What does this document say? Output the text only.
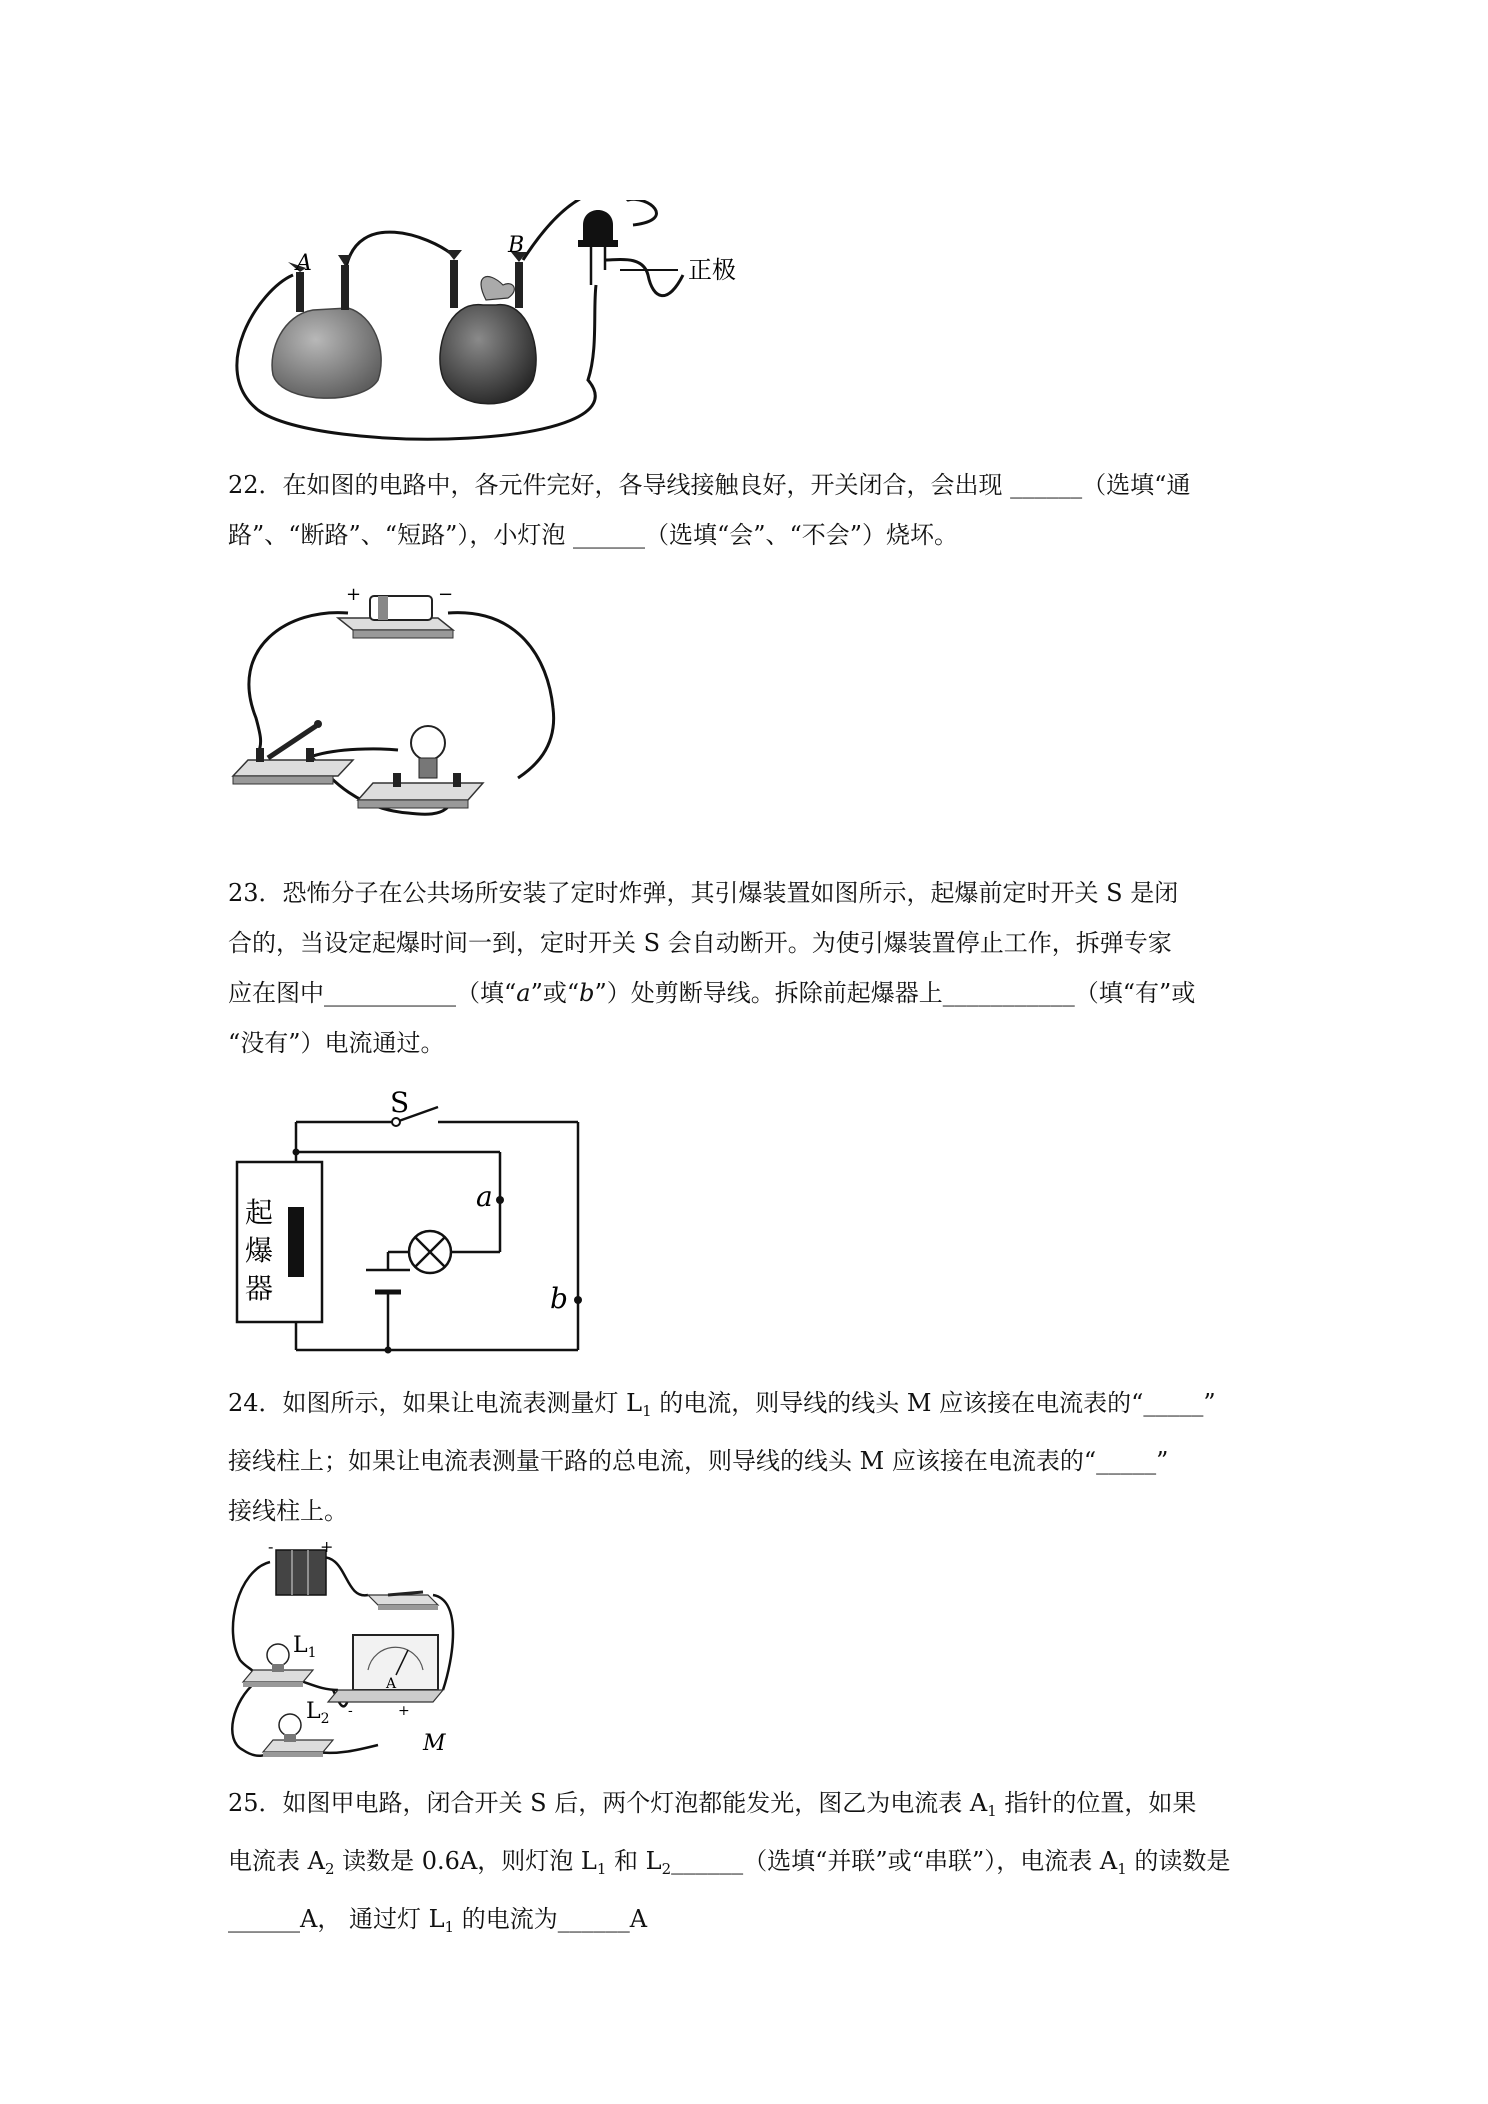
A
B
正极

22．在如图的电路中，各元件完好，各导线接触良好，开关闭合，会出现 ______（选填“通
路”、“断路”、“短路”），小灯泡 ______（选填“会”、“不会”）烧坏。

+	−

23．恐怖分子在公共场所安装了定时炸弹，其引爆装置如图所示，起爆前定时开关 S 是闭
合的，当设定起爆时间一到，定时开关 S 会自动断开。为使引爆装置停止工作，拆弹专家
应在图中___________（填“a”或“b”）处剪断导线。拆除前起爆器上___________（填“有”或
“没有”）电流通过。

S
起
爆
器
a
b

24．如图所示，如果让电流表测量灯 $L_1$ 的电流，则导线的线头 M 应该接在电流表的“_____”
接线柱上；如果让电流表测量干路的总电流，则导线的线头 M 应该接在电流表的“_____”
接线柱上。

-	+
A
-	+
$L_1$
$L_2$
M

25．如图甲电路，闭合开关 S 后，两个灯泡都能发光，图乙为电流表 $A_1$ 指针的位置，如果
电流表 $A_2$ 读数是 0.6A，则灯泡 $L_1$ 和 $L_2\_\_\_\_\_\_$（选填“并联”或“串联”），电流表 $A_1$ 的读数是
______A， 通过灯 $L_1$ 的电流为______A
